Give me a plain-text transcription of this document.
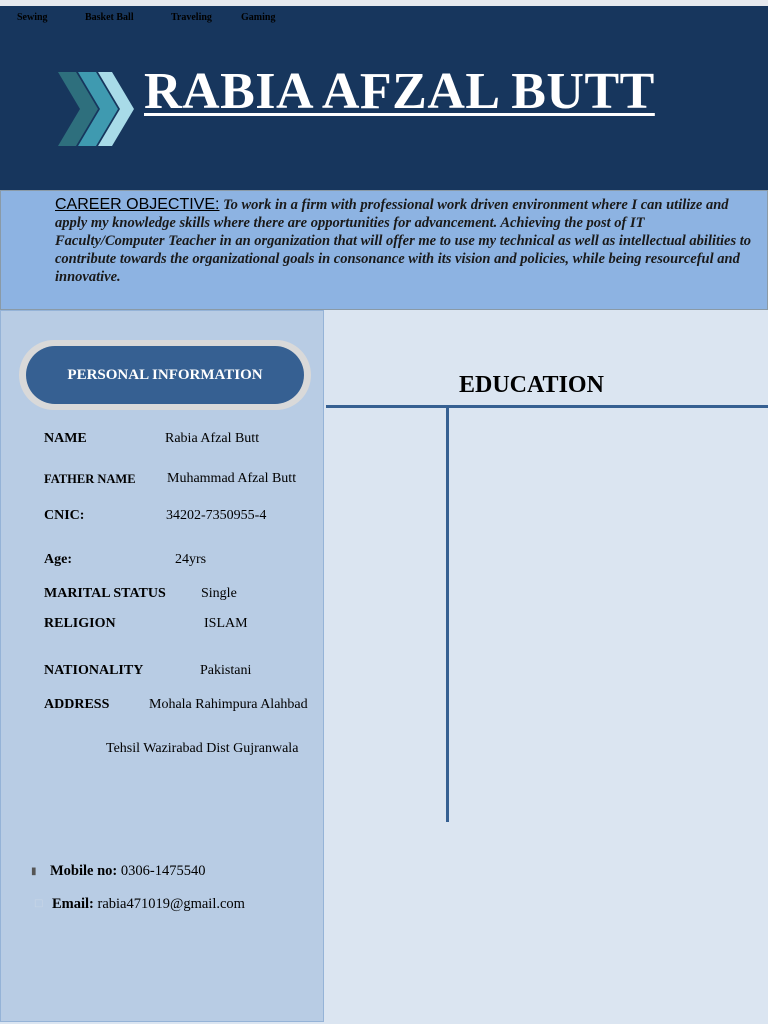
Sewing	Basket Ball	Traveling	Gaming
RABIA AFZAL BUTT

CAREER OBJECTIVE: To work in a firm with professional work driven environment where I can utilize and apply my knowledge skills where there are opportunities for advancement. Achieving the post of IT Faculty/Computer Teacher in an organization that will offer me to use my technical as well as intellectual abilities to contribute towards the organizational goals in consonance with its vision and policies, while being resourceful and innovative.

PERSONAL INFORMATION
NAME	Rabia Afzal Butt
FATHER NAME Muhammad Afzal Butt
CNIC:	34202-7350955-4
Age:	24yrs
MARITAL STATUS	Single
RELIGION	ISLAM
NATIONALITY	Pakistani
ADDRESS	Mohala Rahimpura Alahbad
Tehsil Wazirabad Dist Gujranwala
▮ Mobile no: 0306-1475540
□ Email: rabia471019@gmail.com
EDUCATION
